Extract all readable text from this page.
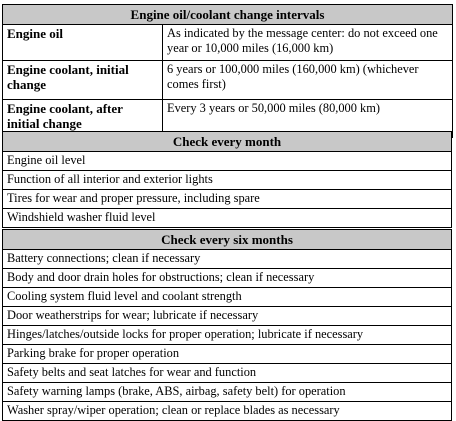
Engine oil/coolant change intervals	
Engine oil	As indicated by the message center: do not exceed one year or 10,000 miles (16,000 km)
Engine coolant, initial change	6 years or 100,000 miles (160,000 km) (whichever comes first)
Engine coolant, after initial change	Every 3 years or 50,000 miles (80,000 km)
Check every month
Engine oil level
Function of all interior and exterior lights
Tires for wear and proper pressure, including spare
Windshield washer fluid level
Check every six months
Battery connections; clean if necessary
Body and door drain holes for obstructions; clean if necessary
Cooling system fluid level and coolant strength
Door weatherstrips for wear; lubricate if necessary
Hinges/latches/outside locks for proper operation; lubricate if necessary
Parking brake for proper operation
Safety belts and seat latches for wear and function
Safety warning lamps (brake, ABS, airbag, safety belt) for operation
Washer spray/wiper operation; clean or replace blades as necessary
